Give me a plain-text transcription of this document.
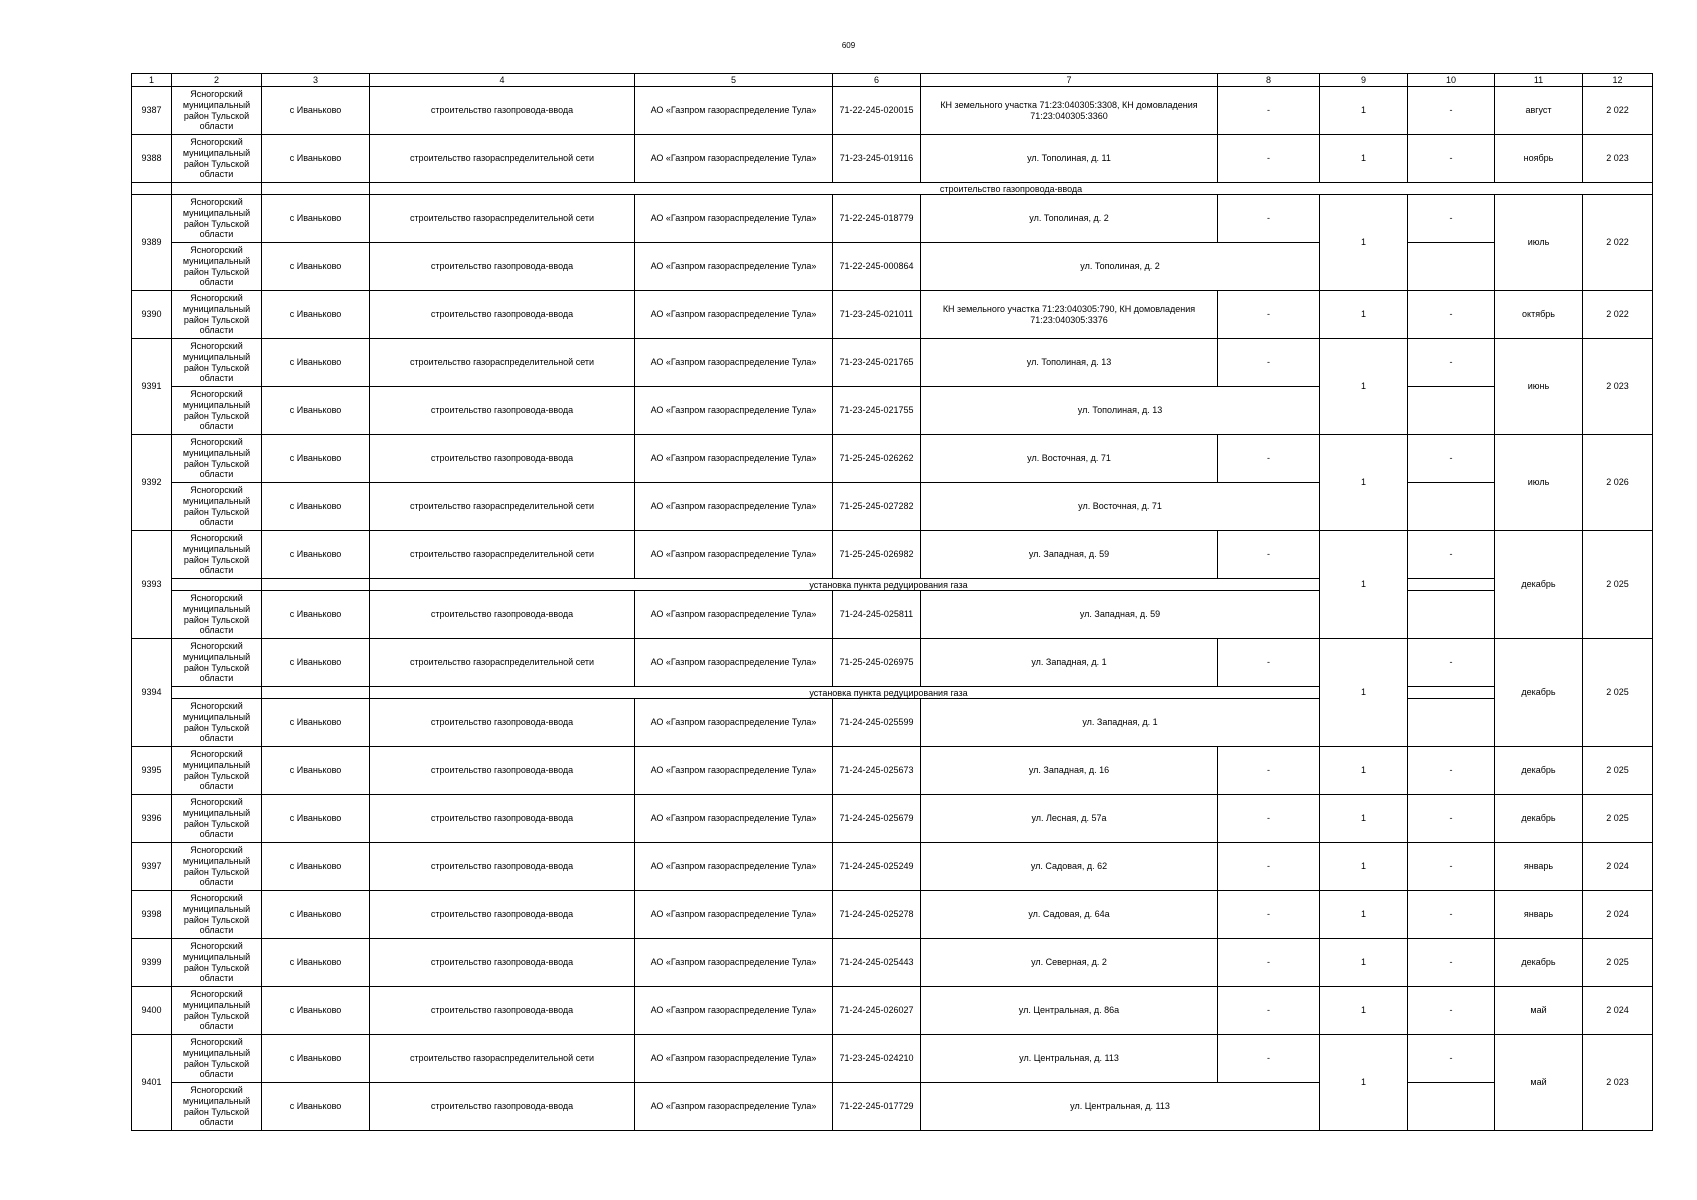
609
1	2	3	4	5	6	7	8	9	10	11	12
9387	Ясногорский муниципальный район Тульской области	с Иваньково	строительство газопровода-ввода	АО «Газпром газораспределение Тула»	71-22-245-020015	КН земельного участка 71:23:040305:3308, КН домовладения 71:23:040305:3360	-	1	-	август	2 022
9388	Ясногорский муниципальный район Тульской области	с Иваньково	строительство газораспределительной сети	АО «Газпром газораспределение Тула»	71-23-245-019116	ул. Тополиная, д. 11	-	1	-	ноябрь	2 023
			строительство газопровода-ввода								
9389	Ясногорский муниципальный район Тульской области	с Иваньково	строительство газораспределительной сети	АО «Газпром газораспределение Тула»	71-22-245-018779	ул. Тополиная, д. 2	-	1	-	июль	2 022
	Ясногорский муниципальный район Тульской области	с Иваньково	строительство газопровода-ввода	АО «Газпром газораспределение Тула»	71-22-245-000864	ул. Тополиная, д. 2					
9390	Ясногорский муниципальный район Тульской области	с Иваньково	строительство газопровода-ввода	АО «Газпром газораспределение Тула»	71-23-245-021011	КН земельного участка 71:23:040305:790, КН домовладения 71:23:040305:3376	-	1	-	октябрь	2 022
9391	Ясногорский муниципальный район Тульской области	с Иваньково	строительство газораспределительной сети	АО «Газпром газораспределение Тула»	71-23-245-021765	ул. Тополиная, д. 13	-	1	-	июнь	2 023
	Ясногорский муниципальный район Тульской области	с Иваньково	строительство газопровода-ввода	АО «Газпром газораспределение Тула»	71-23-245-021755	ул. Тополиная, д. 13					
9392	Ясногорский муниципальный район Тульской области	с Иваньково	строительство газопровода-ввода	АО «Газпром газораспределение Тула»	71-25-245-026262	ул. Восточная, д. 71	-	1	-	июль	2 026
	Ясногорский муниципальный район Тульской области	с Иваньково	строительство газораспределительной сети	АО «Газпром газораспределение Тула»	71-25-245-027282	ул. Восточная, д. 71					
9393	Ясногорский муниципальный район Тульской области	с Иваньково	строительство газораспределительной сети	АО «Газпром газораспределение Тула»	71-25-245-026982	ул. Западная, д. 59	-	1	-	декабрь	2 025
			установка пункта редуцирования газа								
	Ясногорский муниципальный район Тульской области	с Иваньково	строительство газопровода-ввода	АО «Газпром газораспределение Тула»	71-24-245-025811	ул. Западная, д. 59					
9394	Ясногорский муниципальный район Тульской области	с Иваньково	строительство газораспределительной сети	АО «Газпром газораспределение Тула»	71-25-245-026975	ул. Западная, д. 1	-	1	-	декабрь	2 025
			установка пункта редуцирования газа								
	Ясногорский муниципальный район Тульской области	с Иваньково	строительство газопровода-ввода	АО «Газпром газораспределение Тула»	71-24-245-025599	ул. Западная, д. 1					
9395	Ясногорский муниципальный район Тульской области	с Иваньково	строительство газопровода-ввода	АО «Газпром газораспределение Тула»	71-24-245-025673	ул. Западная, д. 16	-	1	-	декабрь	2 025
9396	Ясногорский муниципальный район Тульской области	с Иваньково	строительство газопровода-ввода	АО «Газпром газораспределение Тула»	71-24-245-025679	ул. Лесная, д. 57а	-	1	-	декабрь	2 025
9397	Ясногорский муниципальный район Тульской области	с Иваньково	строительство газопровода-ввода	АО «Газпром газораспределение Тула»	71-24-245-025249	ул. Садовая, д. 62	-	1	-	январь	2 024
9398	Ясногорский муниципальный район Тульской области	с Иваньково	строительство газопровода-ввода	АО «Газпром газораспределение Тула»	71-24-245-025278	ул. Садовая, д. 64а	-	1	-	январь	2 024
9399	Ясногорский муниципальный район Тульской области	с Иваньково	строительство газопровода-ввода	АО «Газпром газораспределение Тула»	71-24-245-025443	ул. Северная, д. 2	-	1	-	декабрь	2 025
9400	Ясногорский муниципальный район Тульской области	с Иваньково	строительство газопровода-ввода	АО «Газпром газораспределение Тула»	71-24-245-026027	ул. Центральная, д. 86а	-	1	-	май	2 024
9401	Ясногорский муниципальный район Тульской области	с Иваньково	строительство газораспределительной сети	АО «Газпром газораспределение Тула»	71-23-245-024210	ул. Центральная, д. 113	-	1	-	май	2 023
	Ясногорский муниципальный район Тульской области	с Иваньково	строительство газопровода-ввода	АО «Газпром газораспределение Тула»	71-22-245-017729	ул. Центральная, д. 113					
